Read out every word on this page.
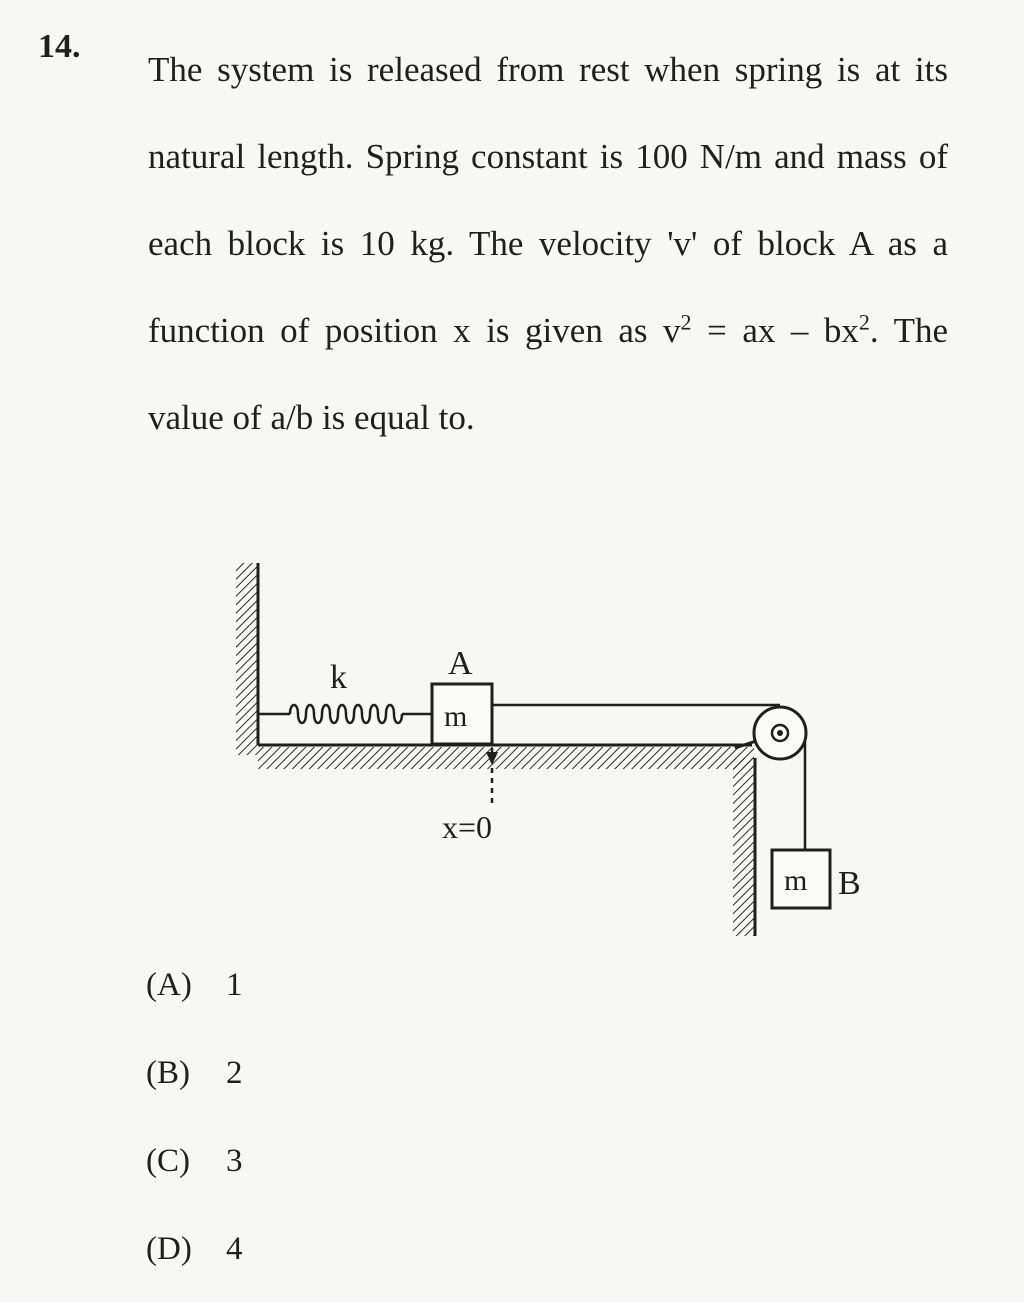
14.
The system is released from rest when spring is at its natural length. Spring constant is 100 N/m and mass of each block is 10 kg. The velocity 'v' of block A as a function of position x is given as $v^2$ = ax – $bx^2$. The value of a/b is equal to.
k
m
A
x=0
m B
(A) 1
(B) 2
(C) 3
(D) 4
